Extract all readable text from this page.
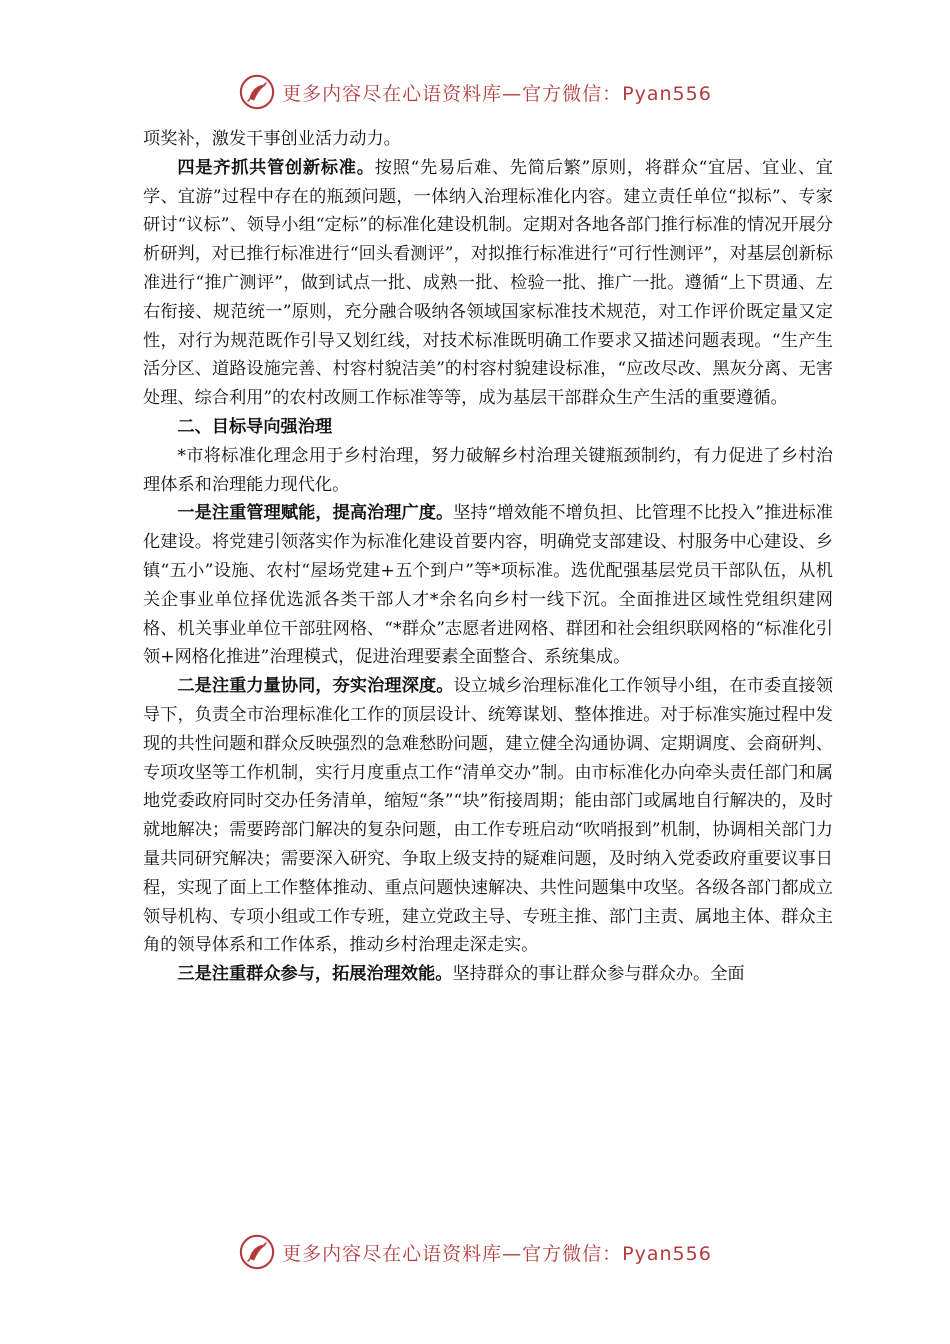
更多内容尽在心语资料库—官方微信：Pyan556

项奖补，激发干事创业活力动力。

四是齐抓共管创新标准。按照“先易后难、先简后繁”原则，将群众“宜居、宜业、宜学、宜游”过程中存在的瓶颈问题，一体纳入治理标准化内容。建立责任单位“拟标”、专家研讨“议标”、领导小组“定标”的标准化建设机制。定期对各地各部门推行标准的情况开展分析研判，对已推行标准进行“回头看测评”，对拟推行标准进行“可行性测评”，对基层创新标准进行“推广测评”，做到试点一批、成熟一批、检验一批、推广一批。遵循“上下贯通、左右衔接、规范统一”原则，充分融合吸纳各领域国家标准技术规范，对工作评价既定量又定性，对行为规范既作引导又划红线，对技术标准既明确工作要求又描述问题表现。“生产生活分区、道路设施完善、村容村貌洁美”的村容村貌建设标准，“应改尽改、黑灰分离、无害处理、综合利用”的农村改厕工作标准等等，成为基层干部群众生产生活的重要遵循。

二、目标导向强治理

*市将标准化理念用于乡村治理，努力破解乡村治理关键瓶颈制约，有力促进了乡村治理体系和治理能力现代化。

一是注重管理赋能，提高治理广度。坚持“增效能不增负担、比管理不比投入”推进标准化建设。将党建引领落实作为标准化建设首要内容，明确党支部建设、村服务中心建设、乡镇“五小”设施、农村“屋场党建+五个到户”等*项标准。选优配强基层党员干部队伍，从机关企事业单位择优选派各类干部人才*余名向乡村一线下沉。全面推进区域性党组织建网格、机关事业单位干部驻网格、“*群众”志愿者进网格、群团和社会组织联网格的“标准化引领+网格化推进”治理模式，促进治理要素全面整合、系统集成。

二是注重力量协同，夯实治理深度。设立城乡治理标准化工作领导小组，在市委直接领导下，负责全市治理标准化工作的顶层设计、统筹谋划、整体推进。对于标准实施过程中发现的共性问题和群众反映强烈的急难愁盼问题，建立健全沟通协调、定期调度、会商研判、专项攻坚等工作机制，实行月度重点工作“清单交办”制。由市标准化办向牵头责任部门和属地党委政府同时交办任务清单，缩短“条”“块”衔接周期；能由部门或属地自行解决的，及时就地解决；需要跨部门解决的复杂问题，由工作专班启动“吹哨报到”机制，协调相关部门力量共同研究解决；需要深入研究、争取上级支持的疑难问题，及时纳入党委政府重要议事日程，实现了面上工作整体推动、重点问题快速解决、共性问题集中攻坚。各级各部门都成立领导机构、专项小组或工作专班，建立党政主导、专班主推、部门主责、属地主体、群众主角的领导体系和工作体系，推动乡村治理走深走实。

三是注重群众参与，拓展治理效能。坚持群众的事让群众参与群众办。全面

更多内容尽在心语资料库—官方微信：Pyan556
